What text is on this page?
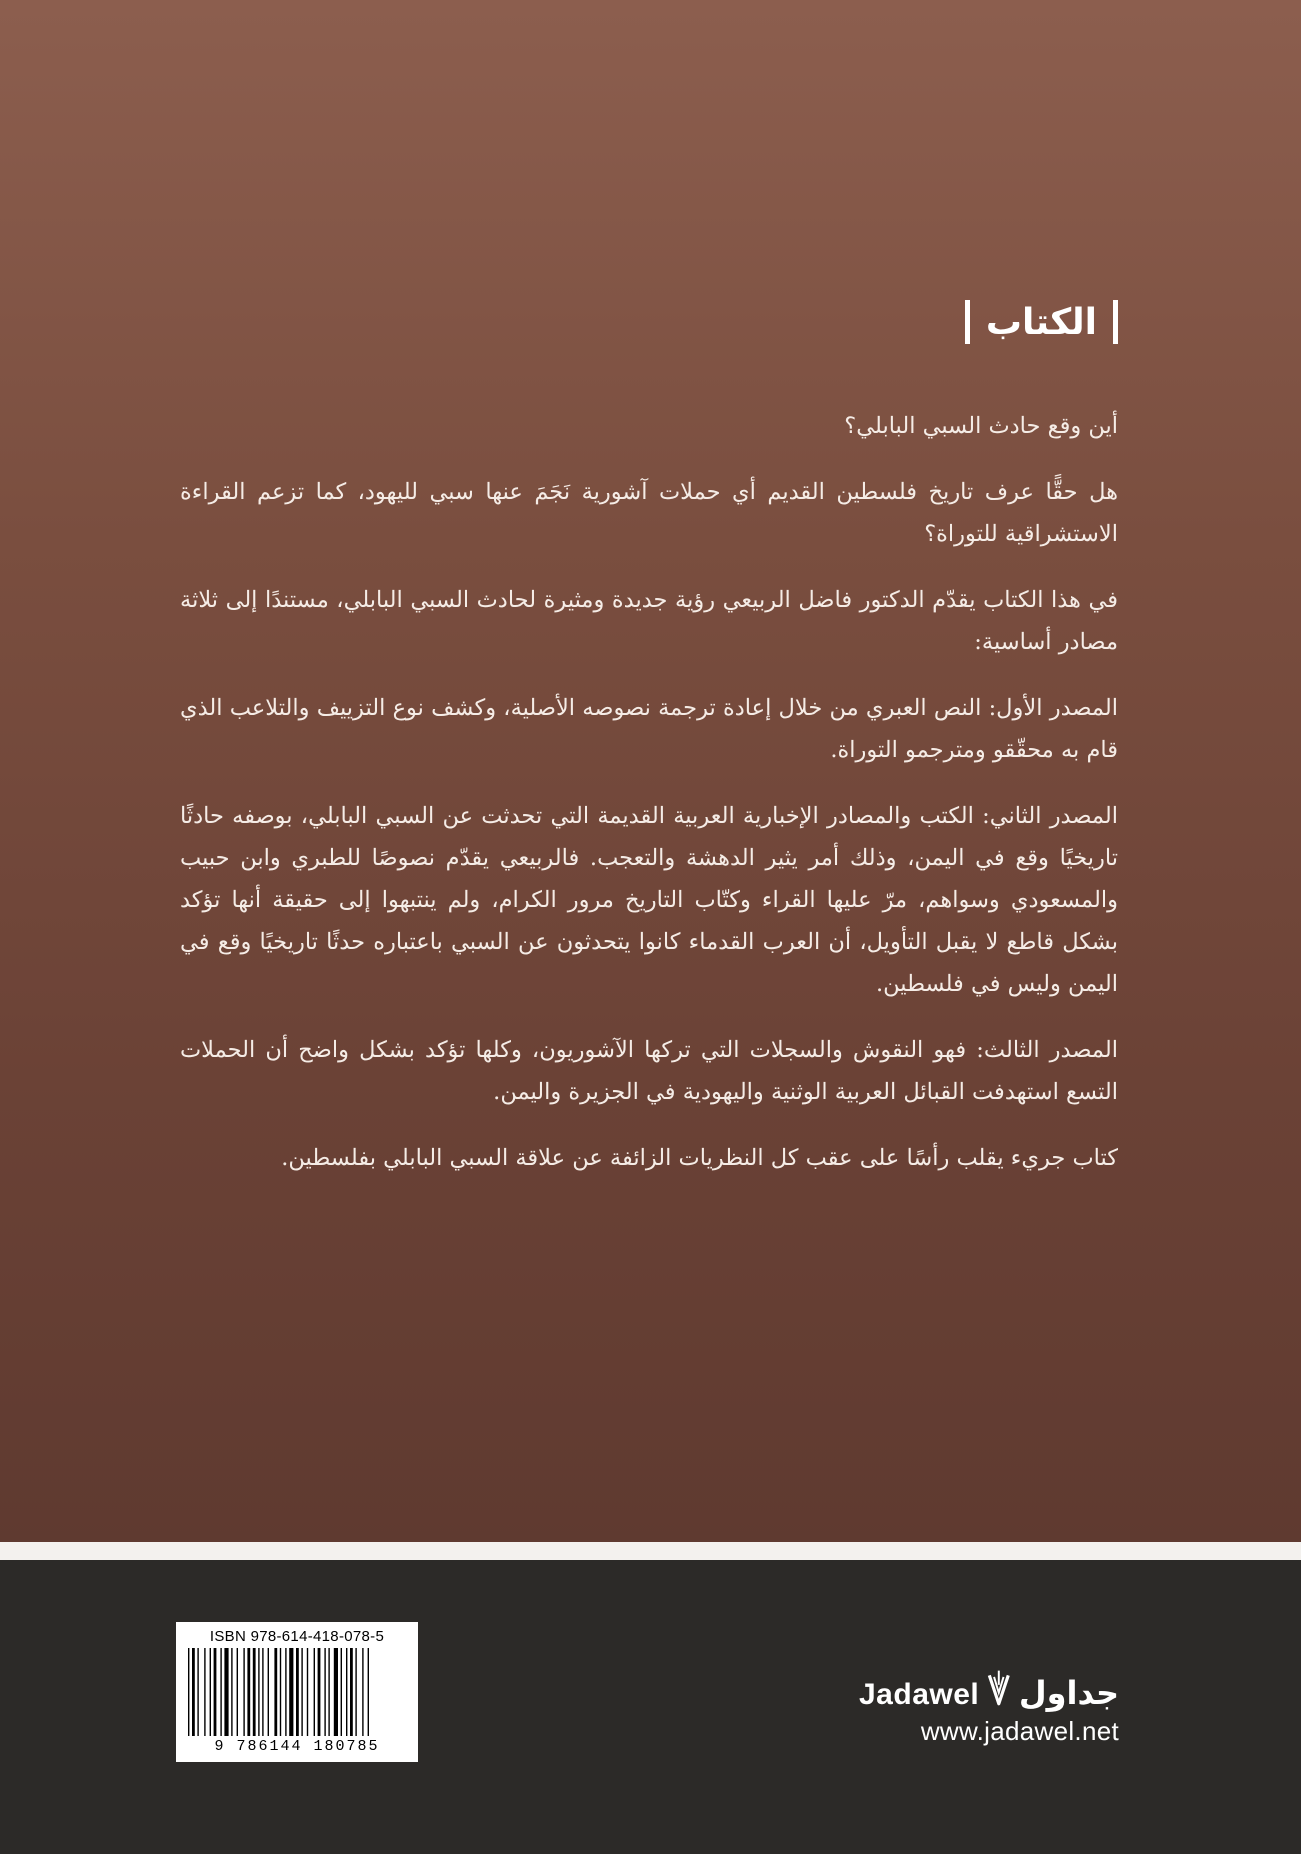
الكتاب

أين وقع حادث السبي البابلي؟

هل حقًّا عرف تاريخ فلسطين القديم أي حملات آشورية نَجَمَ عنها سبي لليهود، كما تزعم القراءة الاستشراقية للتوراة؟

في هذا الكتاب يقدّم الدكتور فاضل الربيعي رؤية جديدة ومثيرة لحادث السبي البابلي، مستندًا إلى ثلاثة مصادر أساسية:

المصدر الأول: النص العبري من خلال إعادة ترجمة نصوصه الأصلية، وكشف نوع التزييف والتلاعب الذي قام به محقّقو ومترجمو التوراة.

المصدر الثاني: الكتب والمصادر الإخبارية العربية القديمة التي تحدثت عن السبي البابلي، بوصفه حادثًا تاريخيًا وقع في اليمن، وذلك أمر يثير الدهشة والتعجب. فالربيعي يقدّم نصوصًا للطبري وابن حبيب والمسعودي وسواهم، مرّ عليها القراء وكتّاب التاريخ مرور الكرام، ولم ينتبهوا إلى حقيقة أنها تؤكد بشكل قاطع لا يقبل التأويل، أن العرب القدماء كانوا يتحدثون عن السبي باعتباره حدثًا تاريخيًا وقع في اليمن وليس في فلسطين.

المصدر الثالث: فهو النقوش والسجلات التي تركها الآشوريون، وكلها تؤكد بشكل واضح أن الحملات التسع استهدفت القبائل العربية الوثنية واليهودية في الجزيرة واليمن.

كتاب جريء يقلب رأسًا على عقب كل النظريات الزائفة عن علاقة السبي البابلي بفلسطين.

ISBN 978-614-418-078-5
9 786144 180785
Jadawel جداول
www.jadawel.net
